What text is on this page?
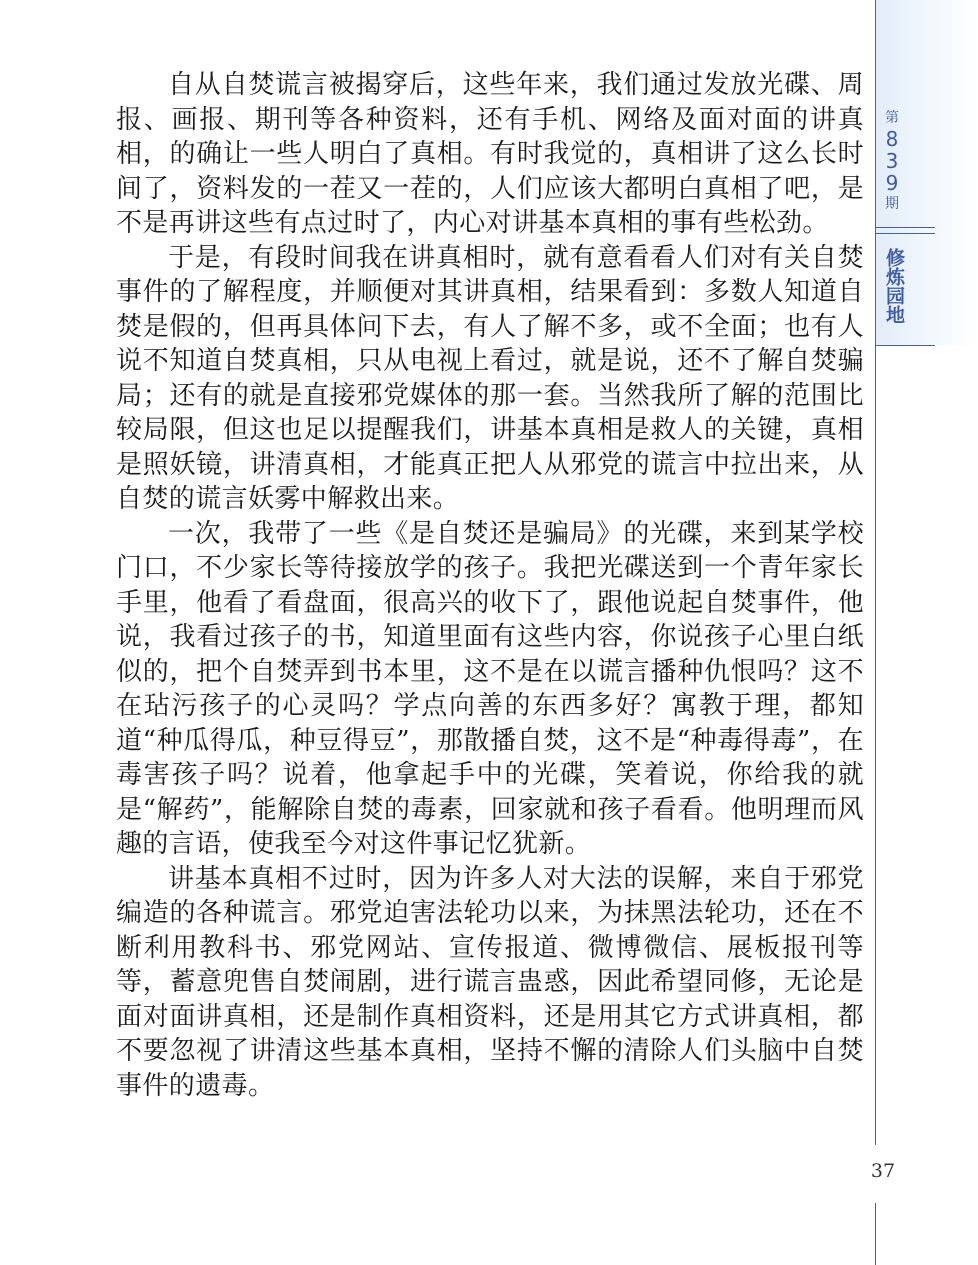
第
8
3
9
期
修炼园地

自从自焚谎言被揭穿后，这些年来，我们通过发放光碟、周报、画报、期刊等各种资料，还有手机、网络及面对面的讲真相，的确让一些人明白了真相。有时我觉的，真相讲了这么长时间了，资料发的一茬又一茬的，人们应该大都明白真相了吧，是不是再讲这些有点过时了，内心对讲基本真相的事有些松劲。

于是，有段时间我在讲真相时，就有意看看人们对有关自焚事件的了解程度，并顺便对其讲真相，结果看到：多数人知道自焚是假的，但再具体问下去，有人了解不多，或不全面；也有人说不知道自焚真相，只从电视上看过，就是说，还不了解自焚骗局；还有的就是直接邪党媒体的那一套。当然我所了解的范围比较局限，但这也足以提醒我们，讲基本真相是救人的关键，真相是照妖镜，讲清真相，才能真正把人从邪党的谎言中拉出来，从自焚的谎言妖雾中解救出来。

一次，我带了一些《是自焚还是骗局》的光碟，来到某学校门口，不少家长等待接放学的孩子。我把光碟送到一个青年家长手里，他看了看盘面，很高兴的收下了，跟他说起自焚事件，他说，我看过孩子的书，知道里面有这些内容，你说孩子心里白纸似的，把个自焚弄到书本里，这不是在以谎言播种仇恨吗？这不在玷污孩子的心灵吗？学点向善的东西多好？寓教于理，都知道“种瓜得瓜，种豆得豆”，那散播自焚，这不是“种毒得毒”，在毒害孩子吗？说着，他拿起手中的光碟，笑着说，你给我的就是“解药”，能解除自焚的毒素，回家就和孩子看看。他明理而风趣的言语，使我至今对这件事记忆犹新。

讲基本真相不过时，因为许多人对大法的误解，来自于邪党编造的各种谎言。邪党迫害法轮功以来，为抹黑法轮功，还在不断利用教科书、邪党网站、宣传报道、微博微信、展板报刊等等，蓄意兜售自焚闹剧，进行谎言蛊惑，因此希望同修，无论是面对面讲真相，还是制作真相资料，还是用其它方式讲真相，都不要忽视了讲清这些基本真相，坚持不懈的清除人们头脑中自焚事件的遗毒。

37
